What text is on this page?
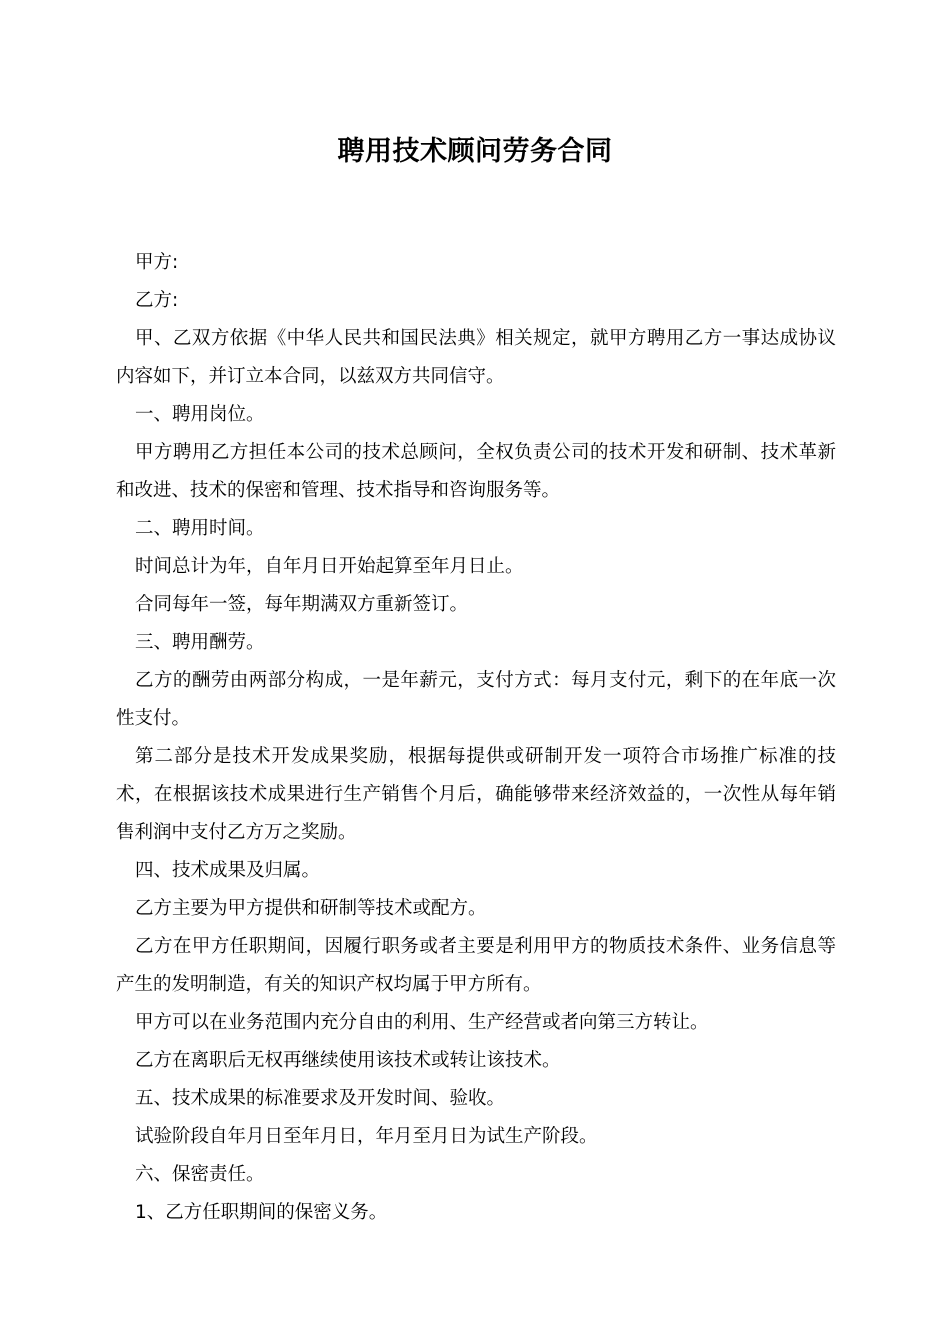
聘用技术顾问劳务合同

甲方:

乙方:

甲、乙双方依据《中华人民共和国民法典》相关规定，就甲方聘用乙方一事达成协议内容如下，并订立本合同，以兹双方共同信守。

一、聘用岗位。

甲方聘用乙方担任本公司的技术总顾问，全权负责公司的技术开发和研制、技术革新和改进、技术的保密和管理、技术指导和咨询服务等。

二、聘用时间。

时间总计为年，自年月日开始起算至年月日止。

合同每年一签，每年期满双方重新签订。

三、聘用酬劳。

乙方的酬劳由两部分构成，一是年薪元，支付方式：每月支付元，剩下的在年底一次性支付。

第二部分是技术开发成果奖励，根据每提供或研制开发一项符合市场推广标准的技术，在根据该技术成果进行生产销售个月后，确能够带来经济效益的，一次性从每年销售利润中支付乙方万之奖励。

四、技术成果及归属。

乙方主要为甲方提供和研制等技术或配方。

乙方在甲方任职期间，因履行职务或者主要是利用甲方的物质技术条件、业务信息等产生的发明制造，有关的知识产权均属于甲方所有。

甲方可以在业务范围内充分自由的利用、生产经营或者向第三方转让。

乙方在离职后无权再继续使用该技术或转让该技术。

五、技术成果的标准要求及开发时间、验收。

试验阶段自年月日至年月日，年月至月日为试生产阶段。

六、保密责任。

1、乙方任职期间的保密义务。
